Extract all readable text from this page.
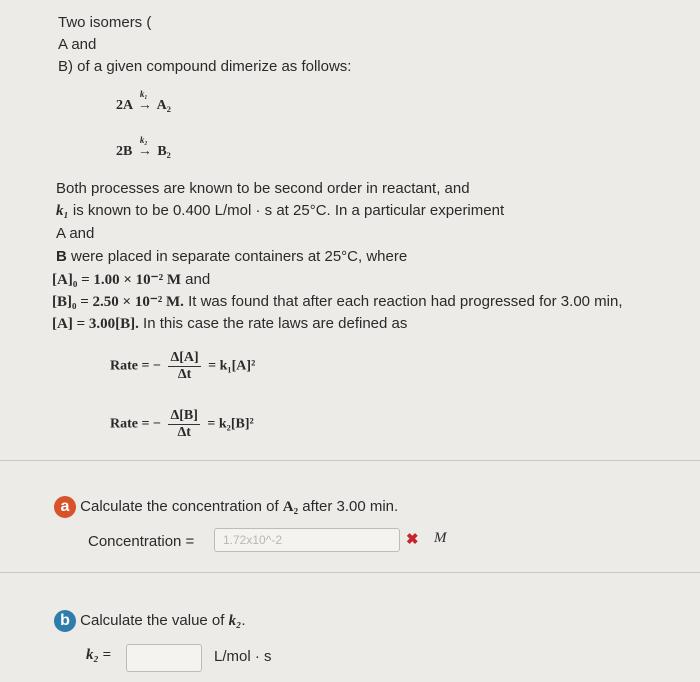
Two isomers (
A and
B) of a given compound dimerize as follows:
2A
k₁
→ A₂
2B
k₂
→ B₂
Both processes are known to be second order in reactant, and
k₁ is known to be 0.400 L/mol · s at 25°C. In a particular experiment
A and
B were placed in separate containers at 25°C, where
[A]₀ = 1.00 × 10⁻² M and
[B]₀ = 2.50 × 10⁻² M. It was found that after each reaction had progressed for 3.00 min,
[A] = 3.00[B]. In this case the rate laws are defined as
Rate = − $\frac{\Delta[A]}{\Delta t} = k_1[A]^2$
Rate = − $\frac{\Delta[B]}{\Delta t} = k_2[B]^2$
a Calculate the concentration of A₂ after 3.00 min.
Concentration =	1.72x10^-2	✖ M
b Calculate the value of k₂.
k₂ =	L/mol · s
